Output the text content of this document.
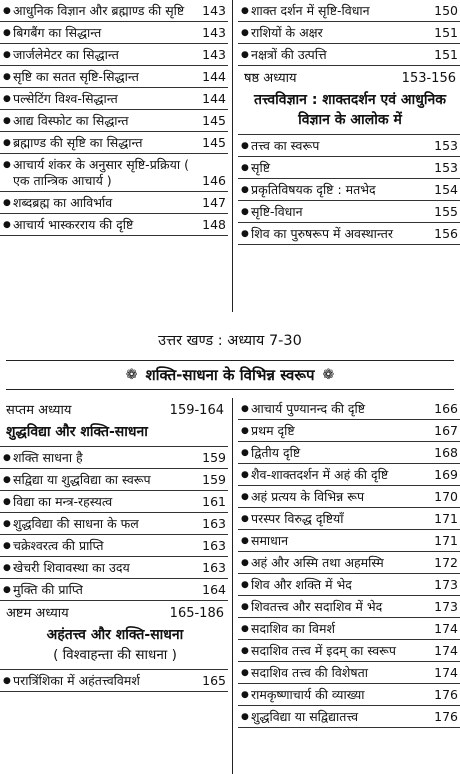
● आधुनिक विज्ञान और ब्रह्माण्ड की सृष्टि 143
● बिगबैंग का सिद्धान्त	143
● जार्जलेमेटर का सिद्धान्त	143
● सृष्टि का सतत सृष्टि-सिद्धान्त	144
● पल्सेटिंग विश्व-सिद्धान्त	144
● आद्य विस्फोट का सिद्धान्त	145
● ब्रह्माण्ड की सृष्टि का सिद्धान्त	145
● आचार्य शंकर के अनुसार सृष्टि-प्रक्रिया ( एक तान्त्रिक आचार्य )	146
● शब्दब्रह्म का आविर्भाव	147
● आचार्य भास्करराय की दृष्टि	148
● शाक्त दर्शन में सृष्टि-विधान	150
● राशियों के अक्षर	151
● नक्षत्रों की उत्पत्ति	151
षष्ठ अध्याय	153-156
तत्त्वविज्ञान : शाक्तदर्शन एवं आधुनिक विज्ञान के आलोक में
● तत्त्व का स्वरूप	153
● सृष्टि	153
● प्रकृतिविषयक दृष्टि : मतभेद	154
● सृष्टि-विधान	155
● शिव का पुरुषरूप में अवस्थान्तर	156
उत्तर खण्ड : अध्याय 7-30
❁ शक्ति-साधना के विभिन्न स्वरूप ❁
सप्तम अध्याय	159-164
शुद्धविद्या और शक्ति-साधना
● शक्ति साधना है	159
● सद्विद्या या शुद्धविद्या का स्वरूप	159
● विद्या का मन्त्र-रहस्यत्व	161
● शुद्धविद्या की साधना के फल	163
● चक्रेश्वरत्व की प्राप्ति	163
● खेचरी शिवावस्था का उदय	163
● मुक्ति की प्राप्ति	164
अष्टम अध्याय	165-186
अहंतत्त्व और शक्ति-साधना
( विश्वाहन्ता की साधना )
● परात्रिंशिका में अहंतत्त्वविमर्श	165
● आचार्य पुण्यानन्द की दृष्टि	166
● प्रथम दृष्टि	167
● द्वितीय दृष्टि	168
● शैव-शाक्तदर्शन में अहं की दृष्टि	169
● अहं प्रत्यय के विभिन्न रूप	170
● परस्पर विरुद्ध दृष्टियाँ	171
● समाधान	171
● अहं और अस्मि तथा अहमस्मि	172
● शिव और शक्ति में भेद	173
● शिवतत्त्व और सदाशिव में भेद	173
● सदाशिव का विमर्श	174
● सदाशिव तत्त्व में इदम् का स्वरूप	174
● सदाशिव तत्त्व की विशेषता	174
● रामकृष्णाचार्य की व्याख्या	176
● शुद्धविद्या या सद्विद्यातत्त्व	176
